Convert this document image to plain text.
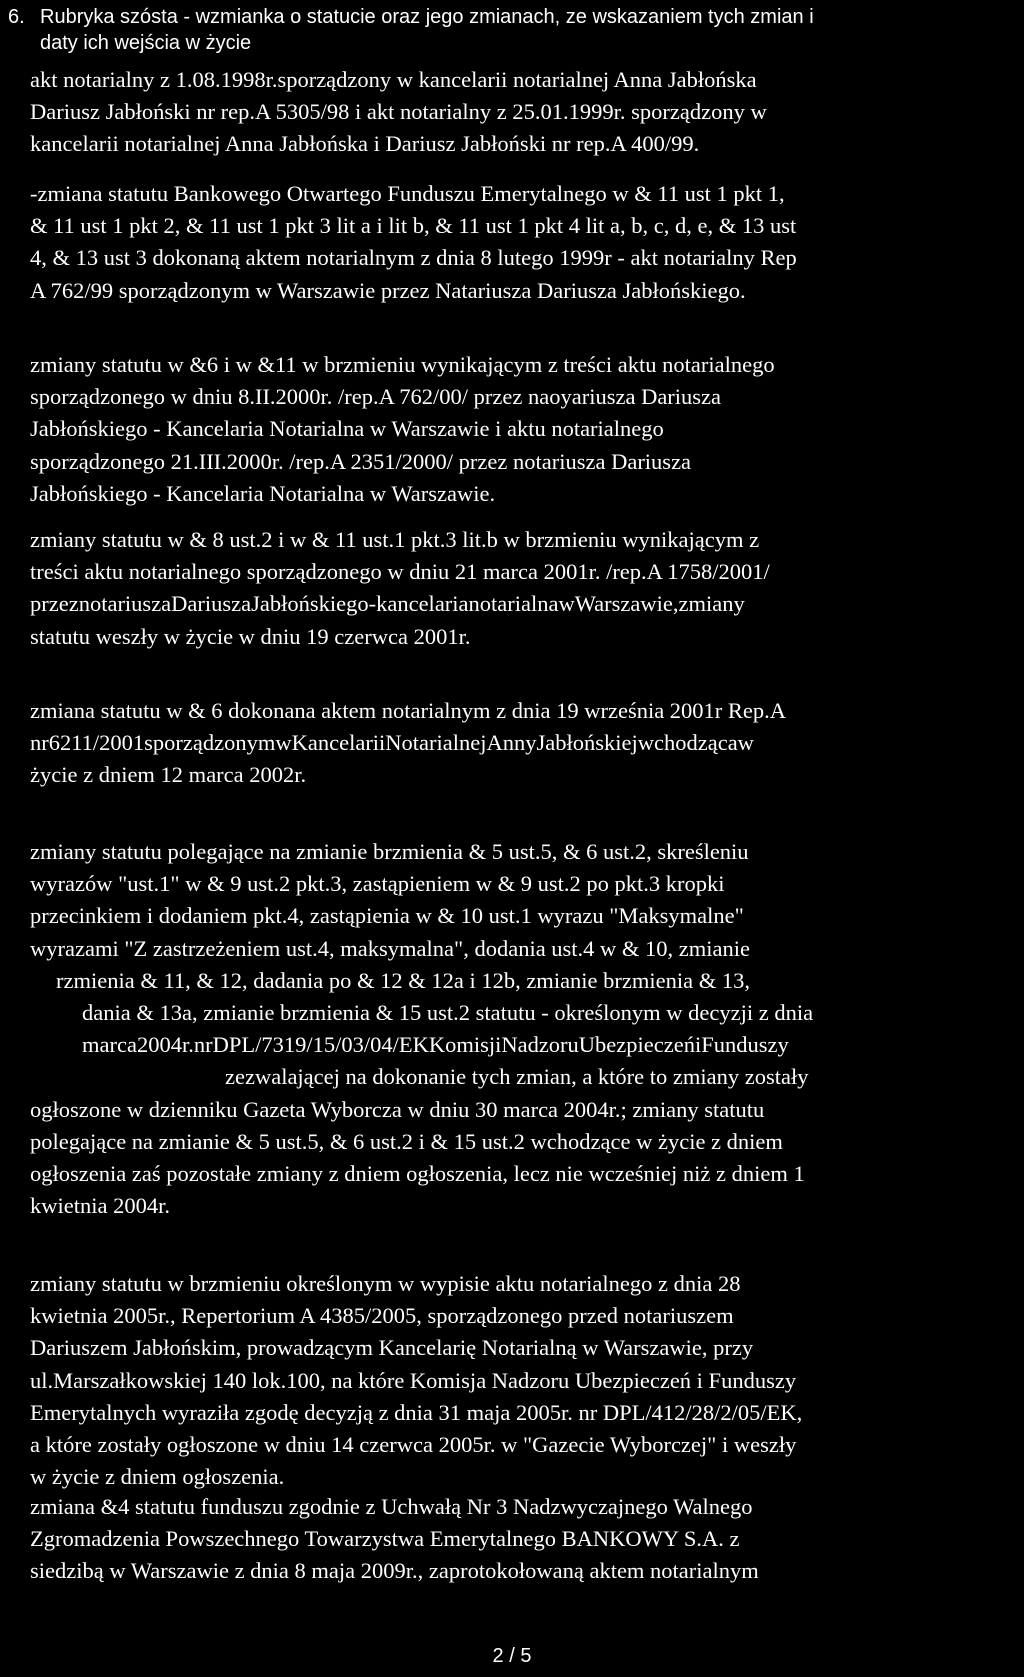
6. Rubryka szósta - wzmianka o statucie oraz jego zmianach, ze wskazaniem tych zmian i
daty ich wejścia w życie
akt notarialny z 1.08.1998r.sporządzony w kancelarii notarialnej Anna Jabłońska
Dariusz Jabłoński nr rep.A 5305/98 i akt notarialny z 25.01.1999r. sporządzony w
kancelarii notarialnej Anna Jabłońska i Dariusz Jabłoński nr rep.A 400/99.
-zmiana statutu Bankowego Otwartego Funduszu Emerytalnego w & 11 ust 1 pkt 1,
& 11 ust 1 pkt 2, & 11 ust 1 pkt 3 lit a i lit b, & 11 ust 1 pkt 4 lit a, b, c, d, e, & 13 ust
4, & 13 ust 3 dokonaną aktem notarialnym z dnia 8 lutego 1999r - akt notarialny Rep
A 762/99 sporządzonym w Warszawie przez Natariusza Dariusza Jabłońskiego.
zmiany statutu w &6 i w &11 w brzmieniu wynikającym z treści aktu notarialnego
sporządzonego w dniu 8.II.2000r. /rep.A 762/00/ przez naoyariusza Dariusza
Jabłońskiego - Kancelaria Notarialna w Warszawie i aktu notarialnego
sporządzonego 21.III.2000r. /rep.A 2351/2000/ przez notariusza Dariusza
Jabłońskiego - Kancelaria Notarialna w Warszawie.
zmiany statutu w & 8 ust.2 i w & 11 ust.1 pkt.3 lit.b w brzmieniu wynikającym z
treści aktu notarialnego sporządzonego w dniu 21 marca 2001r. /rep.A 1758/2001/
przeznotariuszaDariuszaJabłońskiego-kancelarianotarialnawWarszawie,zmiany
statutu weszły w życie w dniu 19 czerwca 2001r.
zmiana statutu w & 6 dokonana aktem notarialnym z dnia 19 września 2001r Rep.A
nr6211/2001sporządzonymwKancelariiNotarialnejAnnyJabłońskiejwchodzącaw
życie z dniem 12 marca 2002r.
zmiany statutu polegające na zmianie brzmienia & 5 ust.5, & 6 ust.2, skreśleniu
wyrazów "ust.1" w & 9 ust.2 pkt.3, zastąpieniem w & 9 ust.2 po pkt.3 kropki
przecinkiem i dodaniem pkt.4, zastąpienia w & 10 ust.1 wyrazu "Maksymalne"
wyrazami "Z zastrzeżeniem ust.4, maksymalna", dodania ust.4 w & 10, zmianie
rzmienia & 11, & 12, dadania po & 12 & 12a i 12b, zmianie brzmienia & 13,
dania & 13a, zmianie brzmienia & 15 ust.2 statutu - określonym w decyzji z dnia
marca2004r.nrDPL/7319/15/03/04/EKKomisjiNadzoruUbezpieczeńiFunduszy
zezwalającej na dokonanie tych zmian, a które to zmiany zostały
ogłoszone w dzienniku Gazeta Wyborcza w dniu 30 marca 2004r.; zmiany statutu
polegające na zmianie & 5 ust.5, & 6 ust.2 i & 15 ust.2 wchodzące w życie z dniem
ogłoszenia zaś pozostałe zmiany z dniem ogłoszenia, lecz nie wcześniej niż z dniem 1
kwietnia 2004r.
zmiany statutu w brzmieniu określonym w wypisie aktu notarialnego z dnia 28
kwietnia 2005r., Repertorium A 4385/2005, sporządzonego przed notariuszem
Dariuszem Jabłońskim, prowadzącym Kancelarię Notarialną w Warszawie, przy
ul.Marszałkowskiej 140 lok.100, na które Komisja Nadzoru Ubezpieczeń i Funduszy
Emerytalnych wyraziła zgodę decyzją z dnia 31 maja 2005r. nr DPL/412/28/2/05/EK,
a które zostały ogłoszone w dniu 14 czerwca 2005r. w "Gazecie Wyborczej" i weszły
w życie z dniem ogłoszenia.
zmiana &4 statutu funduszu zgodnie z Uchwałą Nr 3 Nadzwyczajnego Walnego
Zgromadzenia Powszechnego Towarzystwa Emerytalnego BANKOWY S.A. z
siedzibą w Warszawie z dnia 8 maja 2009r., zaprotokołowaną aktem notarialnym
2 / 5
